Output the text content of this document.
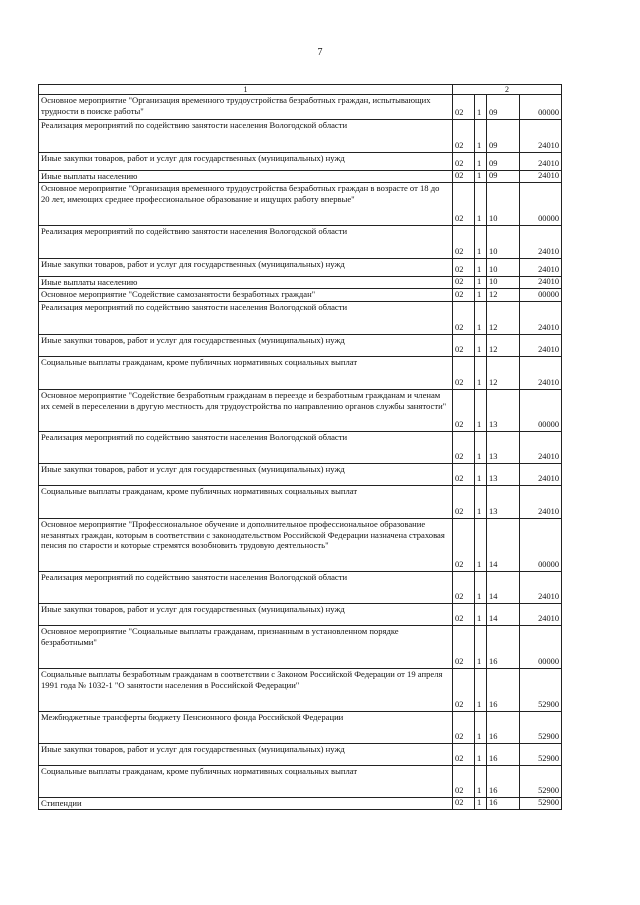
7
1	2			
Основное мероприятие "Организация временного трудоустройства безработных граждан, испытывающих трудности в поиске работы"	02	1	09	00000
Реализация мероприятий по содействию занятости населения Вологодской области	02	1	09	24010
Иные закупки товаров, работ и услуг для государственных (муниципальных) нужд	02	1	09	24010
Иные выплаты населению	02	1	09	24010
Основное мероприятие "Организация временного трудоустройства безработных граждан в возрасте от 18 до 20 лет, имеющих среднее профессиональное образование и ищущих работу впервые"	02	1	10	00000
Реализация мероприятий по содействию занятости населения Вологодской области	02	1	10	24010
Иные закупки товаров, работ и услуг для государственных (муниципальных) нужд	02	1	10	24010
Иные выплаты населению	02	1	10	24010
Основное мероприятие "Содействие самозанятости безработных граждан"	02	1	12	00000
Реализация мероприятий по содействию занятости населения Вологодской области	02	1	12	24010
Иные закупки товаров, работ и услуг для государственных (муниципальных) нужд	02	1	12	24010
Социальные выплаты гражданам, кроме публичных нормативных социальных выплат	02	1	12	24010
Основное мероприятие "Содействие безработным гражданам в переезде и безработным гражданам и членам их семей в переселении в другую местность для трудоустройства по направлению органов службы занятости"	02	1	13	00000
Реализация мероприятий по содействию занятости населения Вологодской области	02	1	13	24010
Иные закупки товаров, работ и услуг для государственных (муниципальных) нужд	02	1	13	24010
Социальные выплаты гражданам, кроме публичных нормативных социальных выплат	02	1	13	24010
Основное мероприятие "Профессиональное обучение и дополнительное профессиональное образование незанятых граждан, которым в соответствии с законодательством Российской Федерации назначена страховая пенсия по старости и которые стремятся возобновить трудовую деятельность"	02	1	14	00000
Реализация мероприятий по содействию занятости населения Вологодской области	02	1	14	24010
Иные закупки товаров, работ и услуг для государственных (муниципальных) нужд	02	1	14	24010
Основное мероприятие "Социальные выплаты гражданам, признанным в установленном порядке безработными"	02	1	16	00000
Социальные выплаты безработным гражданам в соответствии с Законом Российской Федерации от 19 апреля 1991 года № 1032-1 "О занятости населения в Российской Федерации"	02	1	16	52900
Межбюджетные трансферты бюджету Пенсионного фонда Российской Федерации	02	1	16	52900
Иные закупки товаров, работ и услуг для государственных (муниципальных) нужд	02	1	16	52900
Социальные выплаты гражданам, кроме публичных нормативных социальных выплат	02	1	16	52900
Стипендии	02	1	16	52900
